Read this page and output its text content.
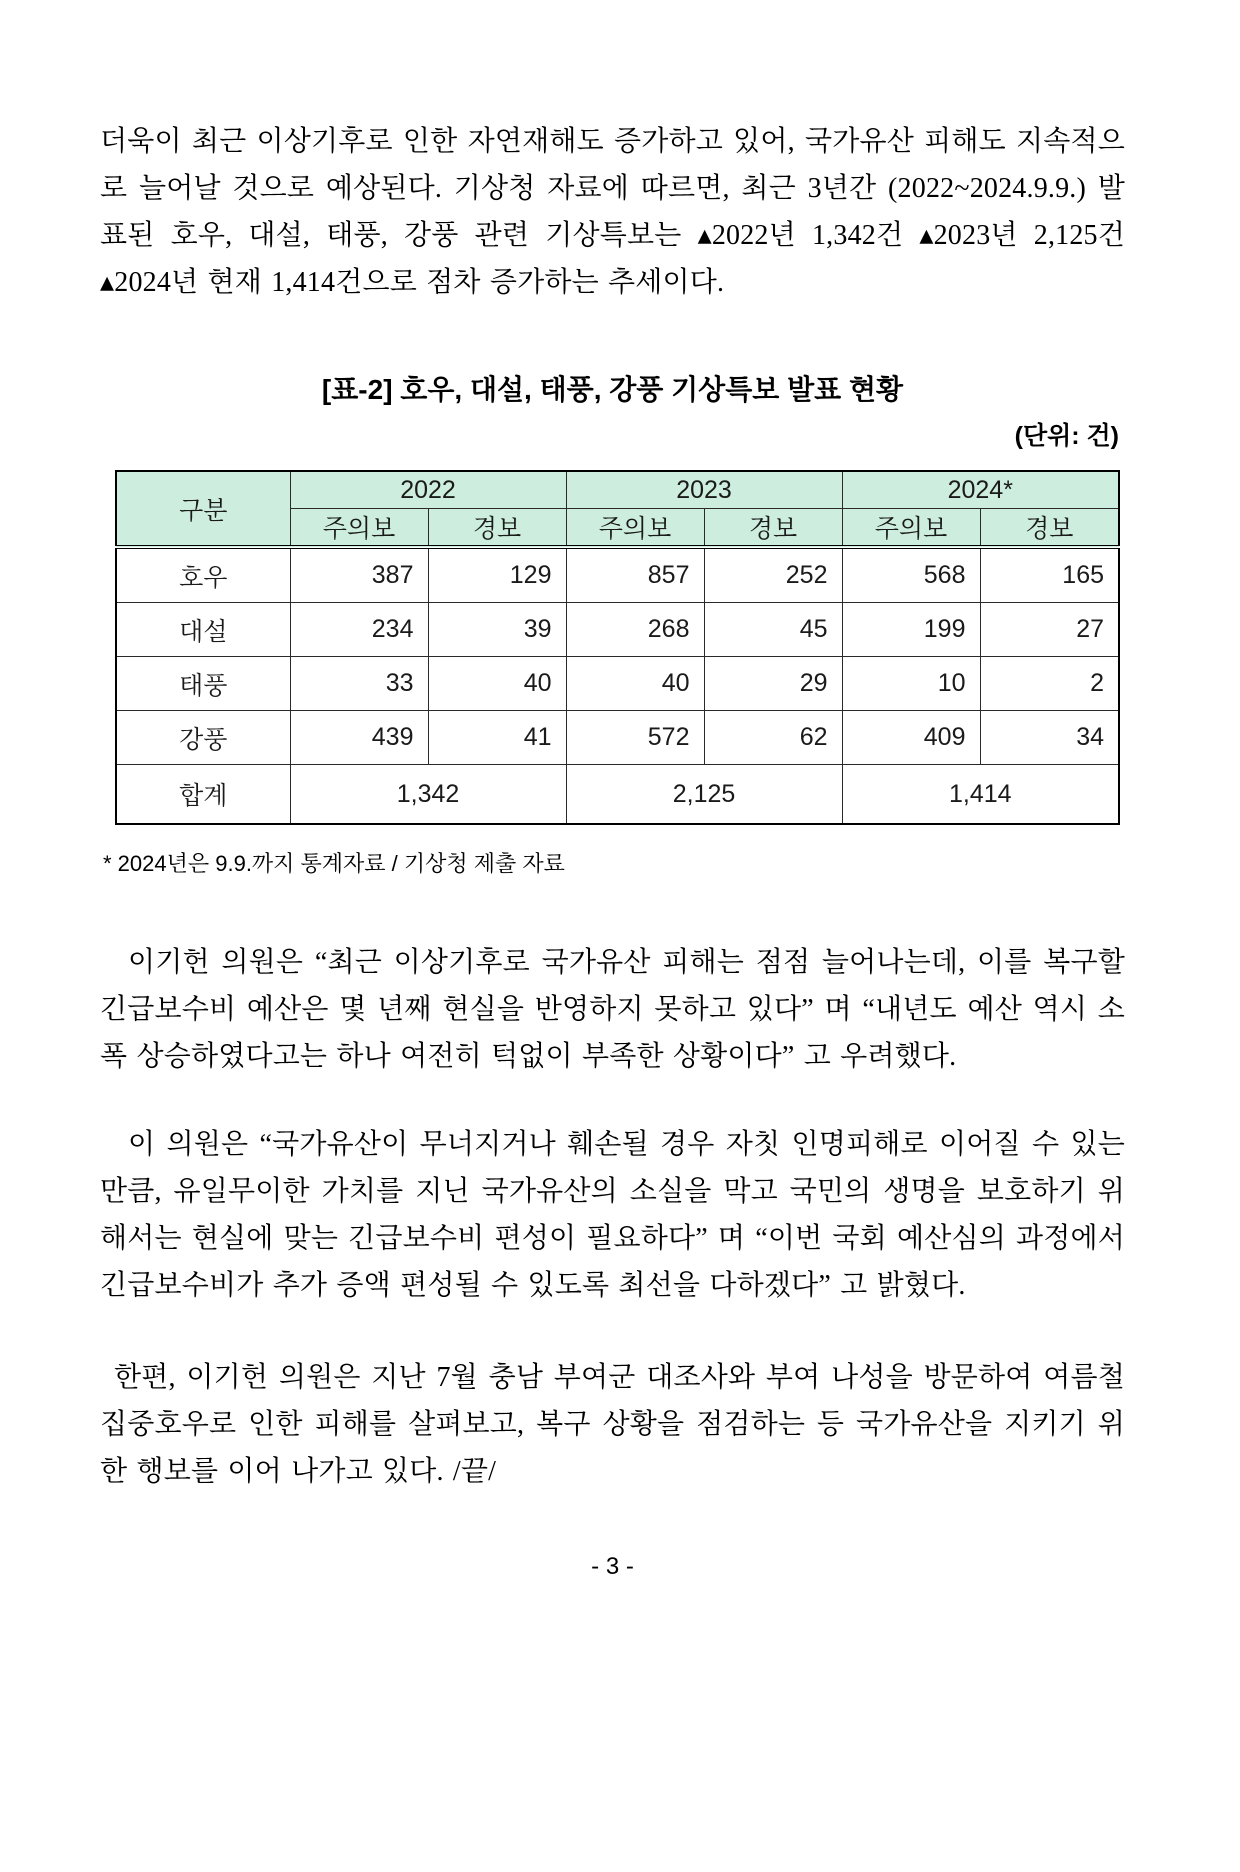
더욱이 최근 이상기후로 인한 자연재해도 증가하고 있어, 국가유산 피해도 지속적으로 늘어날 것으로 예상된다. 기상청 자료에 따르면, 최근 3년간 (2022~2024.9.9.) 발표된 호우, 대설, 태풍, 강풍 관련 기상특보는 ▴2022년 1,342건 ▴2023년 2,125건 ▴2024년 현재 1,414건으로 점차 증가하는 추세이다.

[표-2] 호우, 대설, 태풍, 강풍 기상특보 발표 현황
(단위: 건)
구분	2022		2023		2024*	
	주의보	경보	주의보	경보	주의보	경보
호우	387	129	857	252	568	165
대설	234	39	268	45	199	27
태풍	33	40	40	29	10	2
강풍	439	41	572	62	409	34
합계	1,342		2,125		1,414	
* 2024년은 9.9.까지 통계자료 / 기상청 제출 자료

이기헌 의원은 “최근 이상기후로 국가유산 피해는 점점 늘어나는데, 이를 복구할 긴급보수비 예산은 몇 년째 현실을 반영하지 못하고 있다” 며 “내년도 예산 역시 소폭 상승하였다고는 하나 여전히 턱없이 부족한 상황이다” 고 우려했다.

이 의원은 “국가유산이 무너지거나 훼손될 경우 자칫 인명피해로 이어질 수 있는 만큼, 유일무이한 가치를 지닌 국가유산의 소실을 막고 국민의 생명을 보호하기 위해서는 현실에 맞는 긴급보수비 편성이 필요하다” 며 “이번 국회 예산심의 과정에서 긴급보수비가 추가 증액 편성될 수 있도록 최선을 다하겠다” 고 밝혔다.

한편, 이기헌 의원은 지난 7월 충남 부여군 대조사와 부여 나성을 방문하여 여름철 집중호우로 인한 피해를 살펴보고, 복구 상황을 점검하는 등 국가유산을 지키기 위한 행보를 이어 나가고 있다. /끝/

- 3 -
